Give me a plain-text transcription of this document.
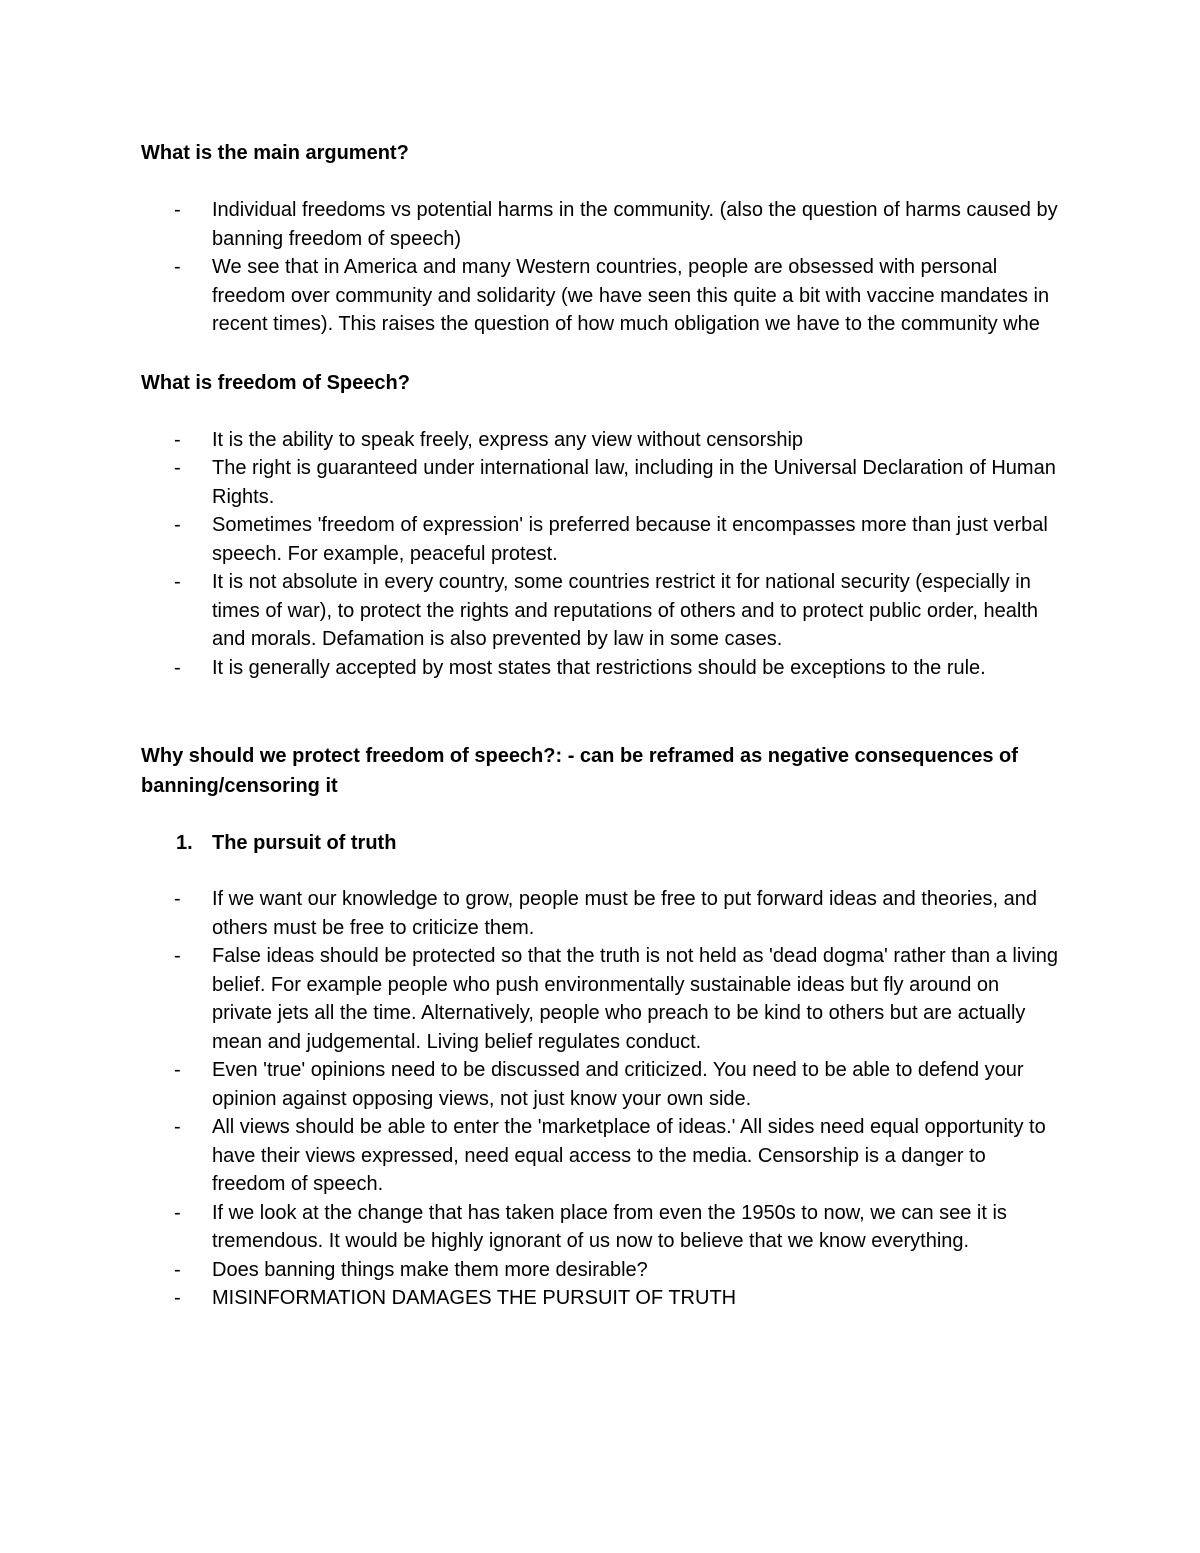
What is the main argument?
- Individual freedoms vs potential harms in the community. (also the question of harms caused by banning freedom of speech)
- We see that in America and many Western countries, people are obsessed with personal freedom over community and solidarity (we have seen this quite a bit with vaccine mandates in recent times). This raises the question of how much obligation we have to the community whe
What is freedom of Speech?
- It is the ability to speak freely, express any view without censorship
- The right is guaranteed under international law, including in the Universal Declaration of Human Rights.
- Sometimes 'freedom of expression' is preferred because it encompasses more than just verbal speech. For example, peaceful protest.
- It is not absolute in every country, some countries restrict it for national security (especially in times of war), to protect the rights and reputations of others and to protect public order, health and morals. Defamation is also prevented by law in some cases.
- It is generally accepted by most states that restrictions should be exceptions to the rule.
Why should we protect freedom of speech?: - can be reframed as negative consequences of banning/censoring it
1. The pursuit of truth
- If we want our knowledge to grow, people must be free to put forward ideas and theories, and others must be free to criticize them.
- False ideas should be protected so that the truth is not held as 'dead dogma' rather than a living belief. For example people who push environmentally sustainable ideas but fly around on private jets all the time. Alternatively, people who preach to be kind to others but are actually mean and judgemental. Living belief regulates conduct.
- Even 'true' opinions need to be discussed and criticized. You need to be able to defend your opinion against opposing views, not just know your own side.
- All views should be able to enter the 'marketplace of ideas.' All sides need equal opportunity to have their views expressed, need equal access to the media. Censorship is a danger to freedom of speech.
- If we look at the change that has taken place from even the 1950s to now, we can see it is tremendous. It would be highly ignorant of us now to believe that we know everything.
- Does banning things make them more desirable?
- MISINFORMATION DAMAGES THE PURSUIT OF TRUTH
